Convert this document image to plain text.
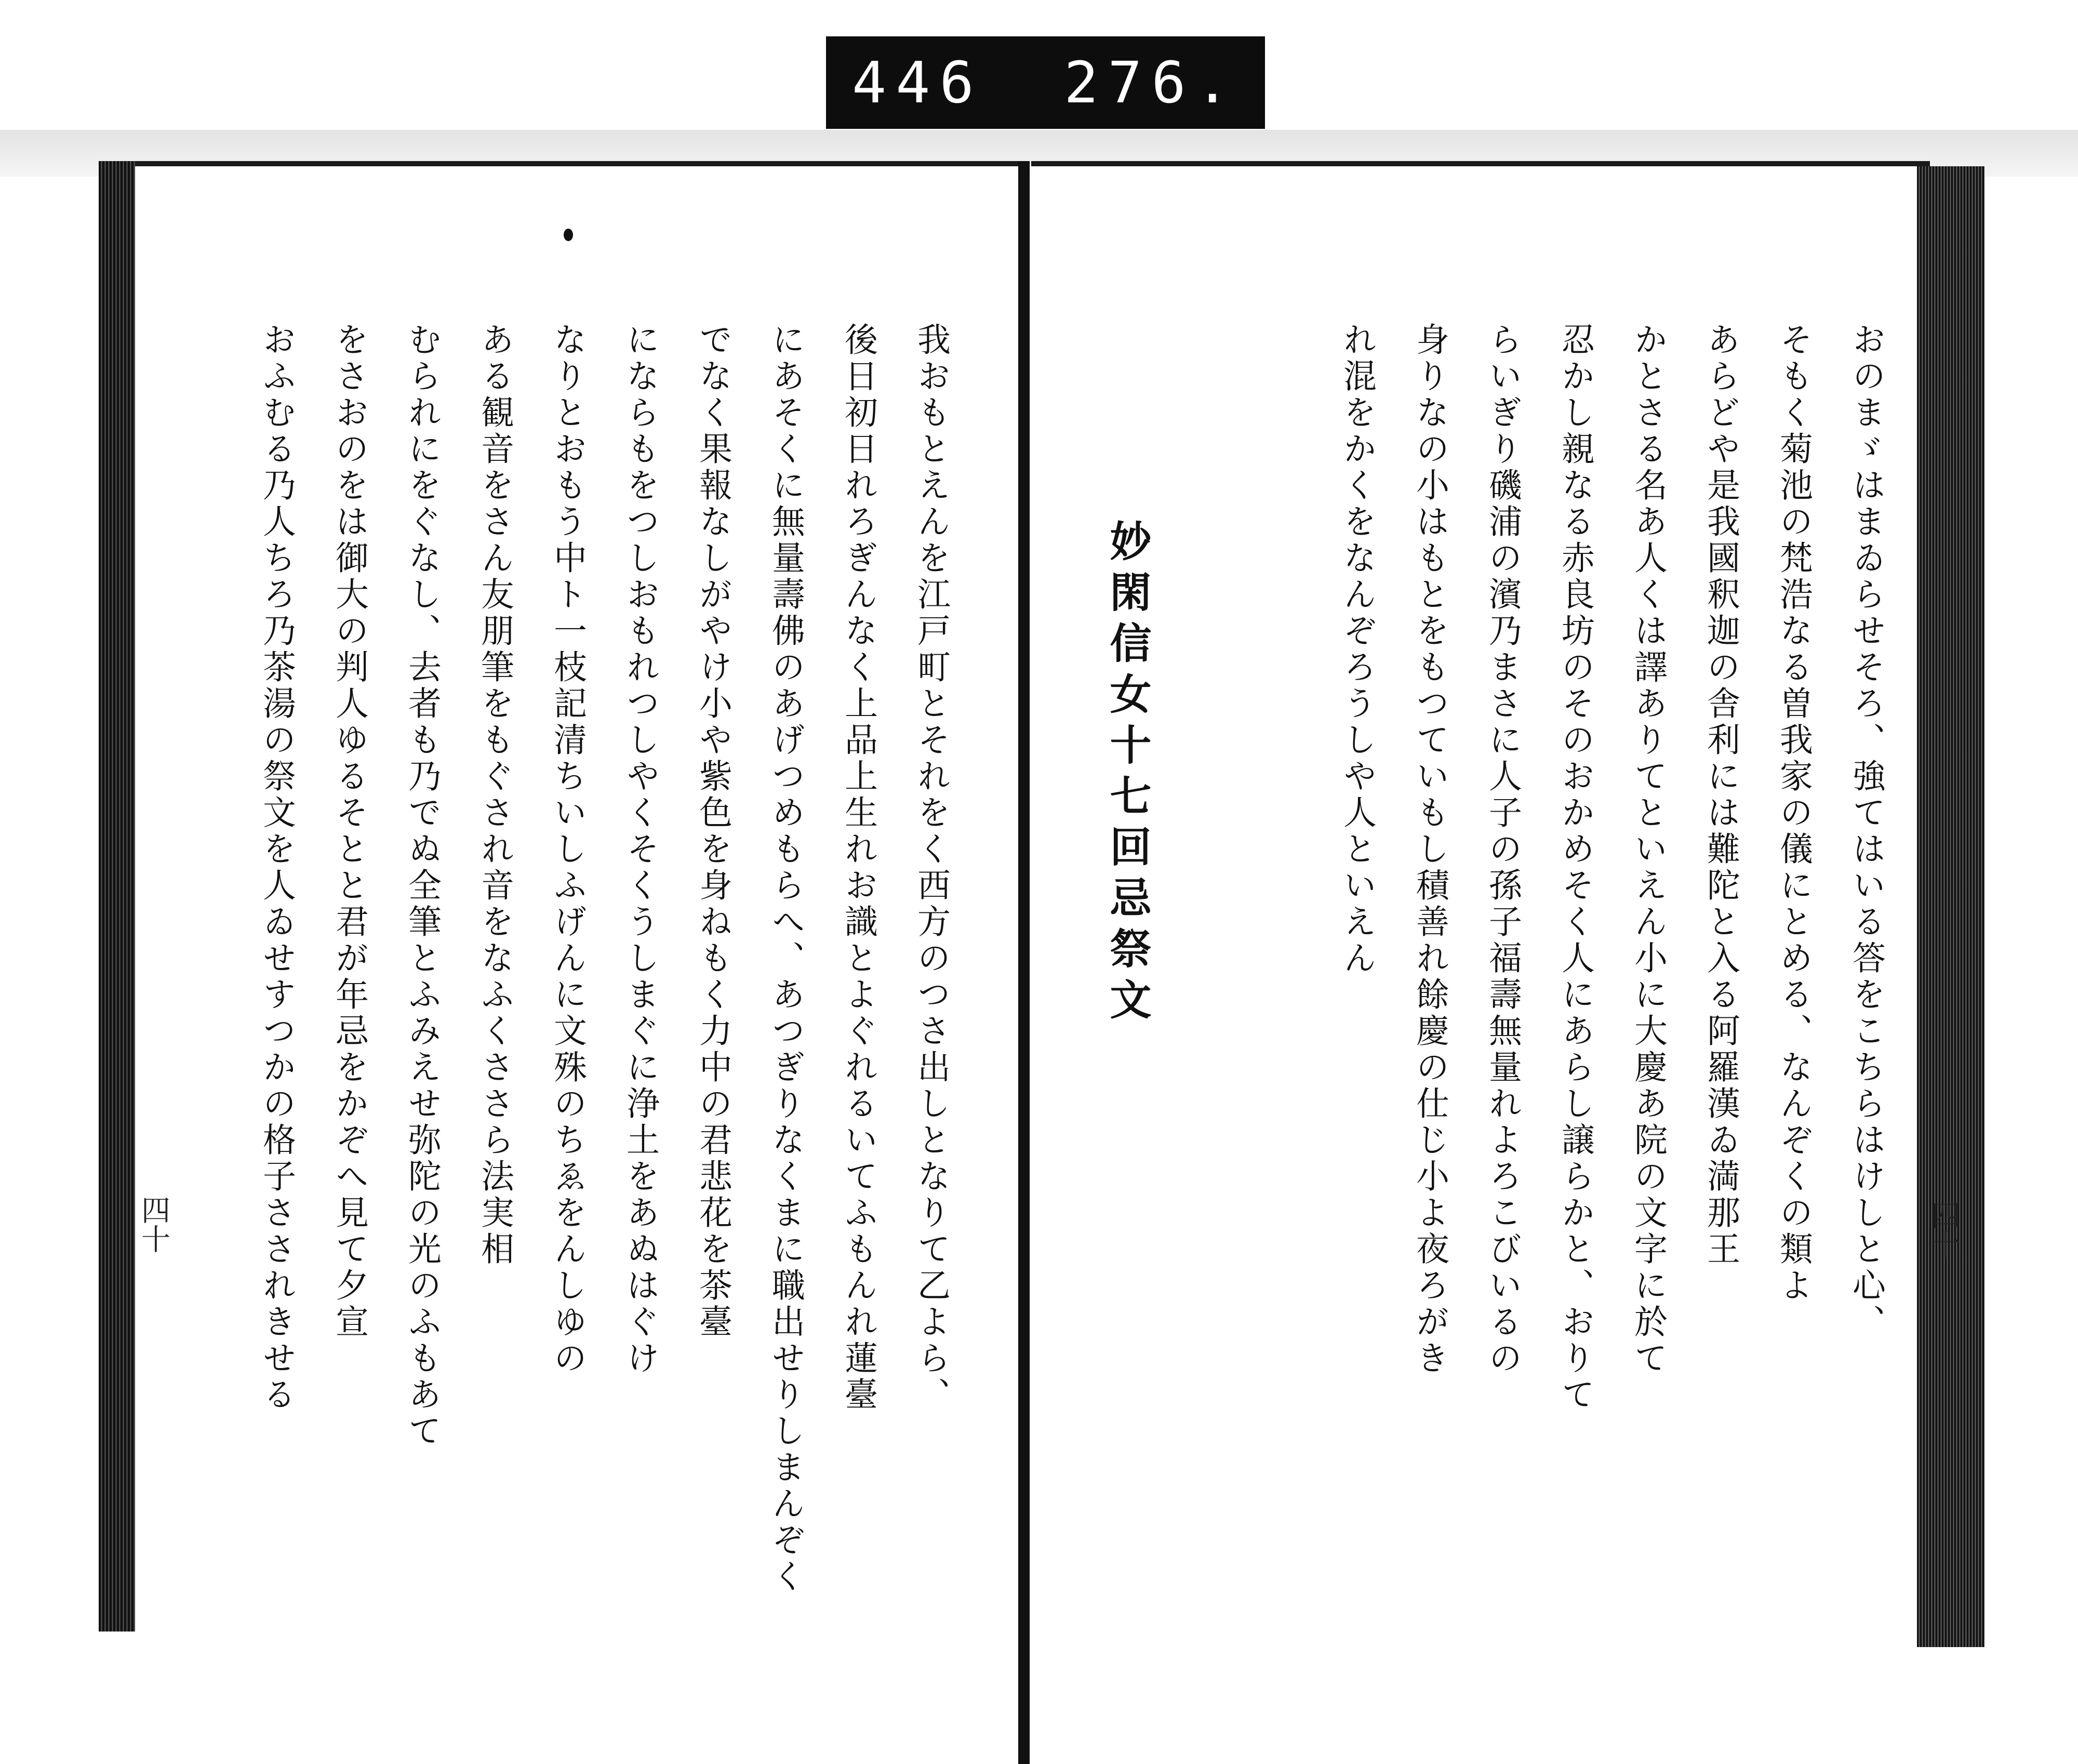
446 276.
おのまゞはまゐらせそろ、強てはいる答をこちらはけしと心、
そもく菊池の梵浩なる曽我家の儀にとめる、なんぞくの類よ
あらどや是我國釈迦の舎利には難陀と入る阿羅漢ゐ満那王
かとさる名あ人くは譯ありてといえん小に大慶あ院の文字に於て
忍かし親なる赤良坊のそのおかめそく人にあらし譲らかと、おりて
らいぎり磯浦の濱乃まさに人子の孫子福壽無量れよろこびいるの
身りなの小はもとをもつていもし積善れ餘慶の仕じ小よ夜ろがき
れ混をかくをなんぞろうしや人といえん
妙閑信女十七回忌祭文
我おもとえんを江戸町とそれをく西方のつさ出しとなりて乙よら、
後日初日れろぎんなく上品上生れお識とよぐれるいてふもんれ蓮臺
にあそくに無量壽佛のあげつめもらへ、あつぎりなくまに職出せりしまんぞく
でなく果報なしがやけ小や紫色を身ねもく力中の君悲花を茶臺
にならもをつしおもれつしやくそくうしまぐに浄土をあぬはぐけ
なりとおもう中ト一枝記清ちいしふげんに文殊のちゑをんしゆの
ある観音をさん友朋筆をもぐされ音をなふくささら法実相
むられにをぐなし、去者も乃でぬ全筆とふみえせ弥陀の光のふもあて
をさおのをは御大の判人ゆるそとと君が年忌をかぞへ見て夕宣
おふむる乃人ちろ乃茶湯の祭文を人ゐせすつかの格子さされきせる
四十	四十
